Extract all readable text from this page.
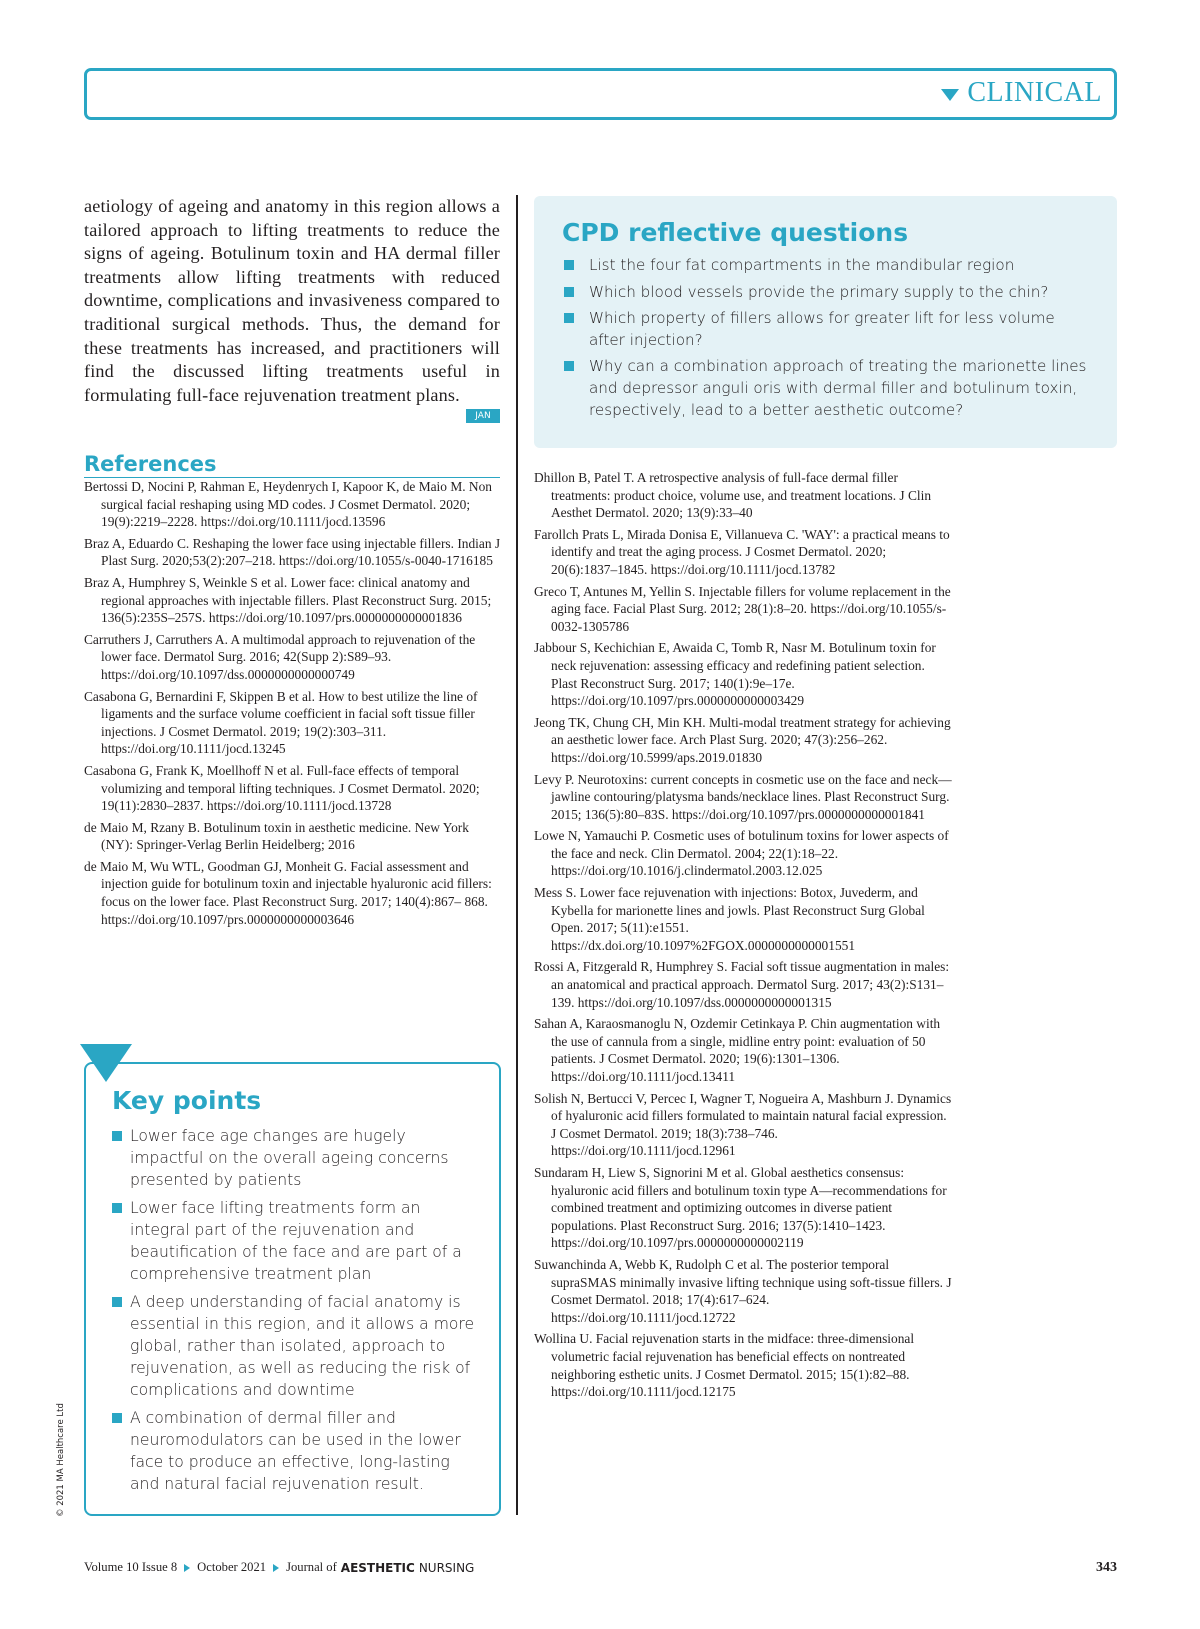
CLINICAL

aetiology of ageing and anatomy in this region allows a tailored approach to lifting treatments to reduce the signs of ageing. Botulinum toxin and HA dermal filler treatments allow lifting treatments with reduced downtime, complications and invasiveness compared to traditional surgical methods. Thus, the demand for these treatments has increased, and practitioners will find the discussed lifting treatments useful in formulating full-face rejuvenation treatment plans.

JAN
References
Bertossi D, Nocini P, Rahman E, Heydenrych I, Kapoor K, de Maio M. Non surgical facial reshaping using MD codes. J Cosmet Dermatol. 2020; 19(9):2219–2228. https://doi.org/10.1111/jocd.13596
Braz A, Eduardo C. Reshaping the lower face using injectable fillers. Indian J Plast Surg. 2020;53(2):207–218. https://doi.org/10.1055/s-0040-1716185
Braz A, Humphrey S, Weinkle S et al. Lower face: clinical anatomy and regional approaches with injectable fillers. Plast Reconstruct Surg. 2015; 136(5):235S–257S. https://doi.org/10.1097/prs.0000000000001836
Carruthers J, Carruthers A. A multimodal approach to rejuvenation of the lower face. Dermatol Surg. 2016; 42(Supp 2):S89–93. https://doi.org/10.1097/dss.0000000000000749
Casabona G, Bernardini F, Skippen B et al. How to best utilize the line of ligaments and the surface volume coefficient in facial soft tissue filler injections. J Cosmet Dermatol. 2019; 19(2):303–311. https://doi.org/10.1111/jocd.13245
Casabona G, Frank K, Moellhoff N et al. Full-face effects of temporal volumizing and temporal lifting techniques. J Cosmet Dermatol. 2020; 19(11):2830–2837. https://doi.org/10.1111/jocd.13728
de Maio M, Rzany B. Botulinum toxin in aesthetic medicine. New York (NY): Springer-Verlag Berlin Heidelberg; 2016
de Maio M, Wu WTL, Goodman GJ, Monheit G. Facial assessment and injection guide for botulinum toxin and injectable hyaluronic acid fillers: focus on the lower face. Plast Reconstruct Surg. 2017; 140(4):867– 868. https://doi.org/10.1097/prs.0000000000003646
CPD reflective questions
List the four fat compartments in the mandibular region
Which blood vessels provide the primary supply to the chin?
Which property of fillers allows for greater lift for less volume after injection?
Why can a combination approach of treating the marionette lines and depressor anguli oris with dermal filler and botulinum toxin, respectively, lead to a better aesthetic outcome?
Dhillon B, Patel T. A retrospective analysis of full-face dermal filler treatments: product choice, volume use, and treatment locations. J Clin Aesthet Dermatol. 2020; 13(9):33–40
Farollch Prats L, Mirada Donisa E, Villanueva C. 'WAY': a practical means to identify and treat the aging process. J Cosmet Dermatol. 2020; 20(6):1837–1845. https://doi.org/10.1111/jocd.13782
Greco T, Antunes M, Yellin S. Injectable fillers for volume replacement in the aging face. Facial Plast Surg. 2012; 28(1):8–20. https://doi.org/10.1055/s-0032-1305786
Jabbour S, Kechichian E, Awaida C, Tomb R, Nasr M. Botulinum toxin for neck rejuvenation: assessing efficacy and redefining patient selection. Plast Reconstruct Surg. 2017; 140(1):9e–17e. https://doi.org/10.1097/prs.0000000000003429
Jeong TK, Chung CH, Min KH. Multi-modal treatment strategy for achieving an aesthetic lower face. Arch Plast Surg. 2020; 47(3):256–262. https://doi.org/10.5999/aps.2019.01830
Levy P. Neurotoxins: current concepts in cosmetic use on the face and neck—jawline contouring/platysma bands/necklace lines. Plast Reconstruct Surg. 2015; 136(5):80–83S. https://doi.org/10.1097/prs.0000000000001841
Lowe N, Yamauchi P. Cosmetic uses of botulinum toxins for lower aspects of the face and neck. Clin Dermatol. 2004; 22(1):18–22. https://doi.org/10.1016/j.clindermatol.2003.12.025
Mess S. Lower face rejuvenation with injections: Botox, Juvederm, and Kybella for marionette lines and jowls. Plast Reconstruct Surg Global Open. 2017; 5(11):e1551. https://dx.doi.org/10.1097%2FGOX.0000000000001551
Rossi A, Fitzgerald R, Humphrey S. Facial soft tissue augmentation in males: an anatomical and practical approach. Dermatol Surg. 2017; 43(2):S131–139. https://doi.org/10.1097/dss.0000000000001315
Sahan A, Karaosmanoglu N, Ozdemir Cetinkaya P. Chin augmentation with the use of cannula from a single, midline entry point: evaluation of 50 patients. J Cosmet Dermatol. 2020; 19(6):1301–1306. https://doi.org/10.1111/jocd.13411
Solish N, Bertucci V, Percec I, Wagner T, Nogueira A, Mashburn J. Dynamics of hyaluronic acid fillers formulated to maintain natural facial expression. J Cosmet Dermatol. 2019; 18(3):738–746. https://doi.org/10.1111/jocd.12961
Sundaram H, Liew S, Signorini M et al. Global aesthetics consensus: hyaluronic acid fillers and botulinum toxin type A—recommendations for combined treatment and optimizing outcomes in diverse patient populations. Plast Reconstruct Surg. 2016; 137(5):1410–1423. https://doi.org/10.1097/prs.0000000000002119
Suwanchinda A, Webb K, Rudolph C et al. The posterior temporal supraSMAS minimally invasive lifting technique using soft-tissue fillers. J Cosmet Dermatol. 2018; 17(4):617–624. https://doi.org/10.1111/jocd.12722
Wollina U. Facial rejuvenation starts in the midface: three-dimensional volumetric facial rejuvenation has beneficial effects on nontreated neighboring esthetic units. J Cosmet Dermatol. 2015; 15(1):82–88. https://doi.org/10.1111/jocd.12175
Key points
Lower face age changes are hugely impactful on the overall ageing concerns presented by patients
Lower face lifting treatments form an integral part of the rejuvenation and beautification of the face and are part of a comprehensive treatment plan
A deep understanding of facial anatomy is essential in this region, and it allows a more global, rather than isolated, approach to rejuvenation, as well as reducing the risk of complications and downtime
A combination of dermal filler and neuromodulators can be used in the lower face to produce an effective, long-lasting and natural facial rejuvenation result.
© 2021 MA Healthcare Ltd
Volume 10 Issue 8 October 2021 Journal of AESTHETIC NURSING	343
